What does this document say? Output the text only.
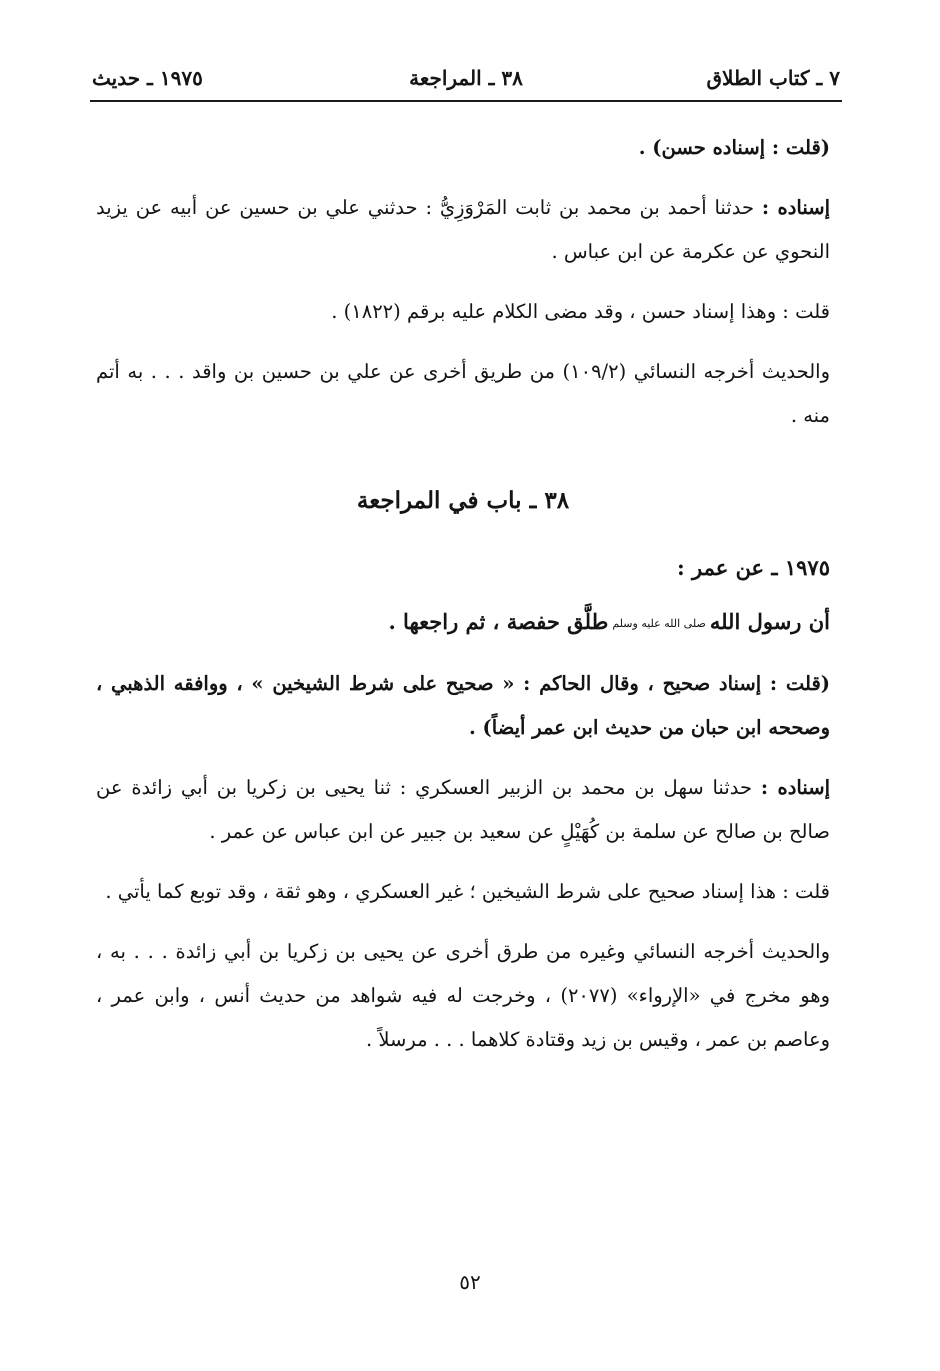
٧ ـ كتاب الطلاق
٣٨ ـ المراجعة
١٩٧٥ ـ حديث

(قلت : إسناده حسن) .

إسناده : حدثنا أحمد بن محمد بن ثابت المَرْوَزِيُّ : حدثني علي بن حسين عن أبيه عن يزيد النحوي عن عكرمة عن ابن عباس .

قلت : وهذا إسناد حسن ، وقد مضى الكلام عليه برقم (١٨٢٢) .

والحديث أخرجه النسائي (١٠٩/٢) من طريق أخرى عن علي بن حسين بن واقد . . . به أتم منه .

٣٨ ـ باب في المراجعة

١٩٧٥ ـ عن عمر :

أن رسول اللهصلى الله عليه وسلمطلَّق حفصة ، ثم راجعها .

(قلت : إسناد صحيح ، وقال الحاكم : « صحيح على شرط الشيخين » ، ووافقه الذهبي ، وصححه ابن حبان من حديث ابن عمر أيضاً) .

إسناده : حدثنا سهل بن محمد بن الزبير العسكري : ثنا يحيى بن زكريا بن أبي زائدة عن صالح بن صالح عن سلمة بن كُهَيْلٍ عن سعيد بن جبير عن ابن عباس عن عمر .

قلت : هذا إسناد صحيح على شرط الشيخين ؛ غير العسكري ، وهو ثقة ، وقد توبع كما يأتي .

والحديث أخرجه النسائي وغيره من طرق أخرى عن يحيى بن زكريا بن أبي زائدة . . . به ، وهو مخرج في «الإرواء» (٢٠٧٧) ، وخرجت له فيه شواهد من حديث أنس ، وابن عمر ، وعاصم بن عمر ، وقيس بن زيد وقتادة كلاهما . . . مرسلاً .

٥٢
